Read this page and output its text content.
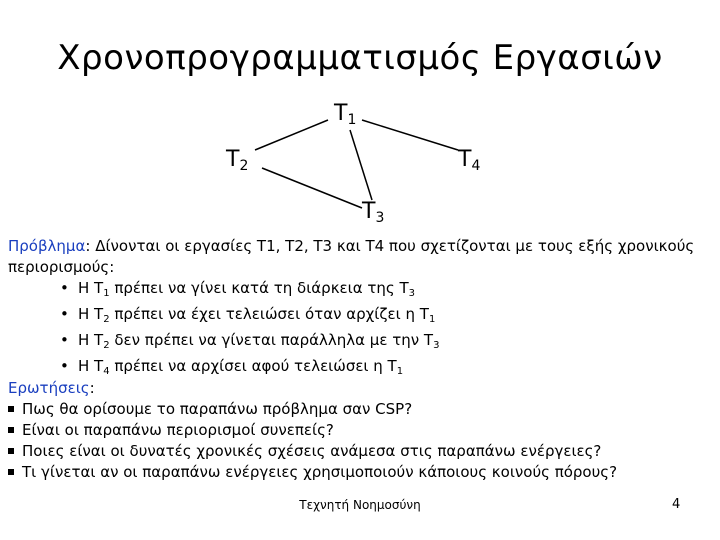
Χρονοπρογραμματισμός Εργασιών
$T_1$
$T_2$
$T_3$
$T_4$
Πρόβλημα: Δίνονται οι εργασίες T1, T2, T3 και T4 που σχετίζονται με τους εξής χρονικούς περιορισμούς:
• Η $T_1$ πρέπει να γίνει κατά τη διάρκεια της $T_3$
• Η $T_2$ πρέπει να έχει τελειώσει όταν αρχίζει η $T_1$
• Η $T_2$ δεν πρέπει να γίνεται παράλληλα με την $T_3$
• Η $T_4$ πρέπει να αρχίσει αφού τελειώσει η $T_1$
Ερωτήσεις:
Πως θα ορίσουμε το παραπάνω πρόβλημα σαν CSP?
Είναι οι παραπάνω περιορισμοί συνεπείς?
Ποιες είναι οι δυνατές χρονικές σχέσεις ανάμεσα στις παραπάνω ενέργειες?
Τι γίνεται αν οι παραπάνω ενέργειες χρησιμοποιούν κάποιους κοινούς πόρους?
Τεχνητή Νοημοσύνη	4
